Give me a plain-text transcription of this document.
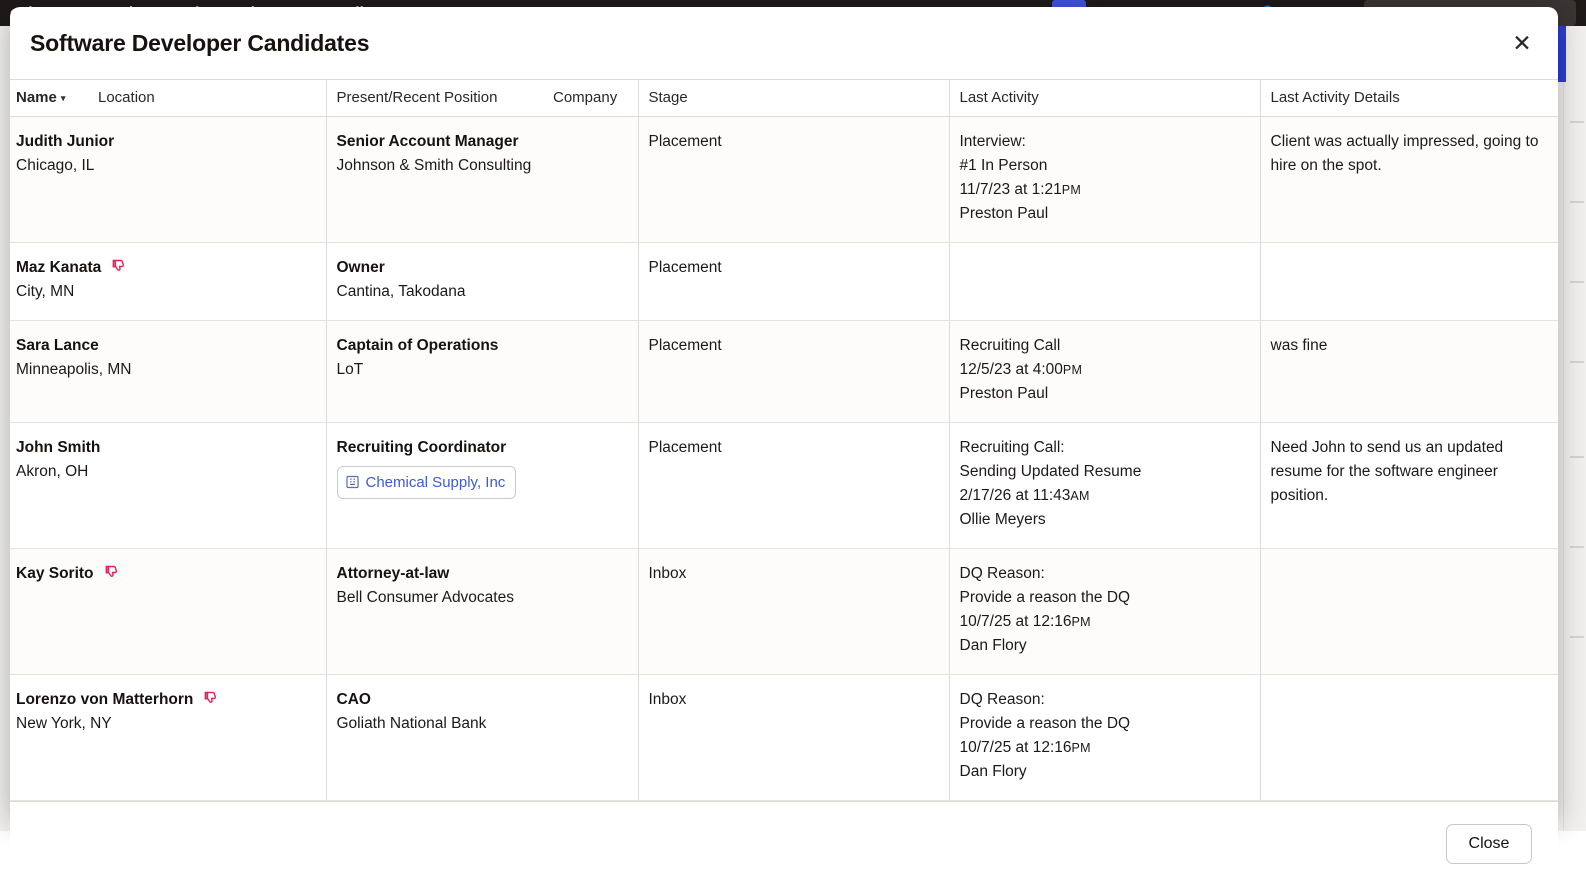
Software Developer Candidates	✕
Name ▾	Location	Present/Recent Position	Company	Stage	Last Activity	Last Activity Details

Judith Junior
Chicago, IL

Senior Account Manager
Johnson & Smith Consulting
	Placement	Interview:
#1 In Person
11/7/23 at 1:21PM
Preston Paul
	Client was actually impressed, going to hire on the spot.

Maz Kanata
City, MN

Owner
Cantina, Takodana
	Placement		

Sara Lance
Minneapolis, MN

Captain of Operations
LoT
	Placement	Recruiting Call
12/5/23 at 4:00PM
Preston Paul
	was fine

John Smith
Akron, OH

Recruiting Coordinator
Chemical Supply, Inc
	Placement	Recruiting Call:
Sending Updated Resume
2/17/26 at 11:43AM
Ollie Meyers
	Need John to send us an updated resume for the software engineer position.

Kay Sorito	Attorney-at-law
Bell Consumer Advocates
	Inbox	DQ Reason:
Provide a reason the DQ
10/7/25 at 12:16PM
Dan Flory

Lorenzo von Matterhorn
New York, NY

CAO
Goliath National Bank
	Inbox	DQ Reason:
Provide a reason the DQ
10/7/25 at 12:16PM
Dan Flory

Close
